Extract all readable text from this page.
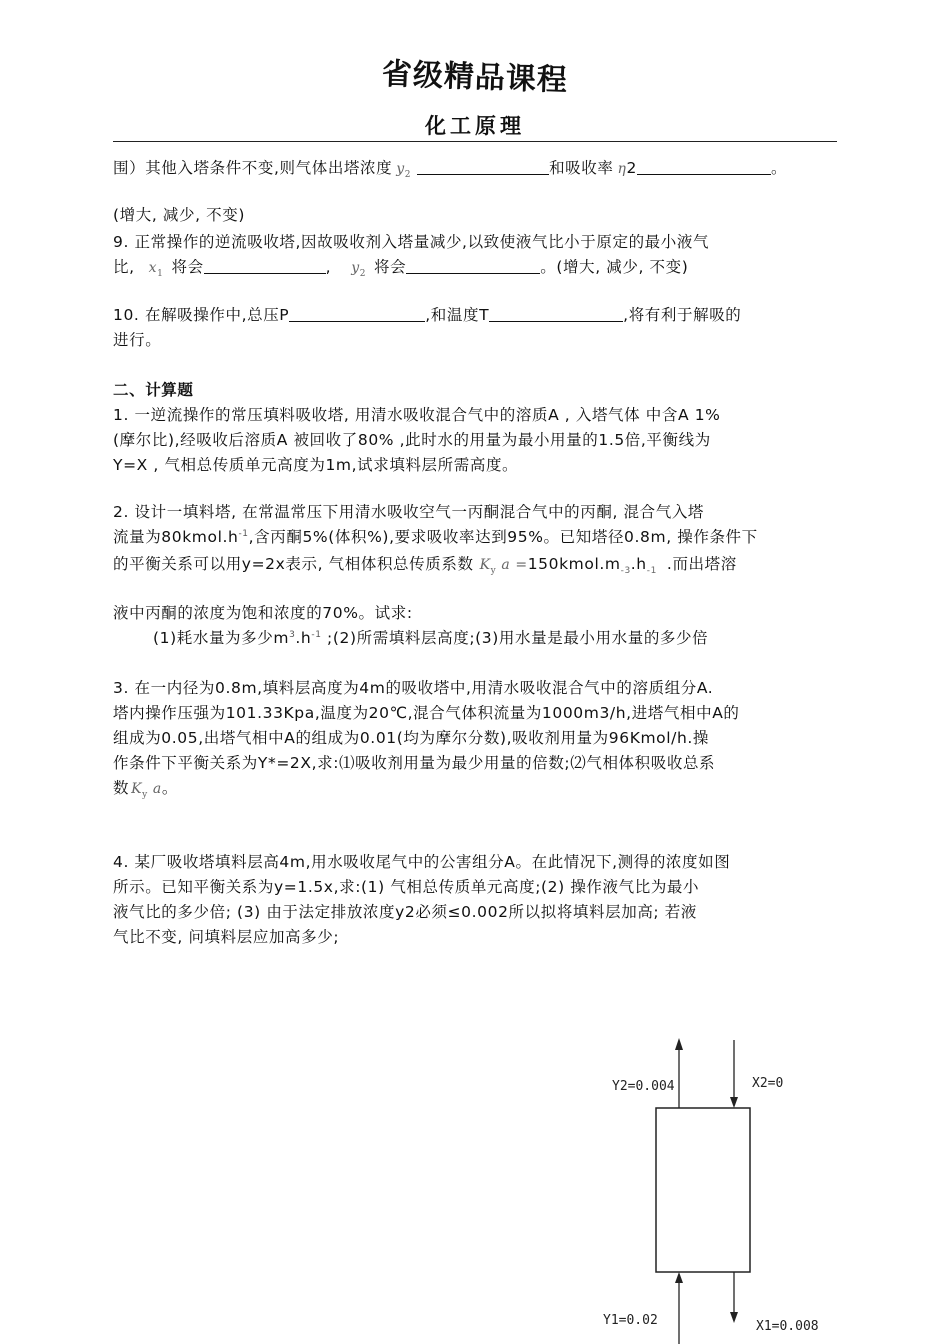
省级精品课程
化工原理
围）其他入塔条件不变,则气体出塔浓度 $y_2$	和吸收率 η2	。
(增大, 减少, 不变)
9. 正常操作的逆流吸收塔,因故吸收剂入塔量减少,以致使液气比小于原定的最小液气
比, $x_1$ 将会	, $y_2$ 将会	。(增大, 减少, 不变)
10. 在解吸操作中,总压P	,和温度T	,将有利于解吸的
进行。
二、计算题
1. 一逆流操作的常压填料吸收塔, 用清水吸收混合气中的溶质A , 入塔气体 中含A 1%
(摩尔比),经吸收后溶质A 被回收了80% ,此时水的用量为最小用量的1.5倍,平衡线为
Y=X , 气相总传质单元高度为1m,试求填料层所需高度。
2. 设计一填料塔, 在常温常压下用清水吸收空气一丙酮混合气中的丙酮, 混合气入塔
流量为$80kmol.h^{-1}$,含丙酮5%(体积%),要求吸收率达到95%。已知塔径0.8m, 操作条件下
的平衡关系可以用y=2x表示, 气相体积总传质系数 $K_y$ $a =150kmol.m_{-3}.h_{-1}$ .而出塔溶
液中丙酮的浓度为饱和浓度的70%。试求:
(1)耗水量为多少$m^3.h^{-1}$ ;(2)所需填料层高度;(3)用水量是最小用水量的多少倍
3. 在一内径为0.8m,填料层高度为4m的吸收塔中,用清水吸收混合气中的溶质组分A.
塔内操作压强为101.33Kpa,温度为20℃,混合气体积流量为1000m3/h,进塔气相中A的
组成为0.05,出塔气相中A的组成为0.01(均为摩尔分数),吸收剂用量为96Kmol/h.操
作条件下平衡关系为Y*=2X,求:⑴吸收剂用量为最少用量的倍数;⑵气相体积吸收总系
数 $K_y$ a。
4. 某厂吸收塔填料层高4m,用水吸收尾气中的公害组分A。在此情况下,测得的浓度如图
所示。已知平衡关系为y=1.5x,求:(1) 气相总传质单元高度;(2) 操作液气比为最小
液气比的多少倍; (3) 由于法定排放浓度y2必须≤0.002所以拟将填料层加高; 若液
气比不变, 问填料层应加高多少;
Y2=0.004	X2=0
Y1=0.02	X1=0.008
